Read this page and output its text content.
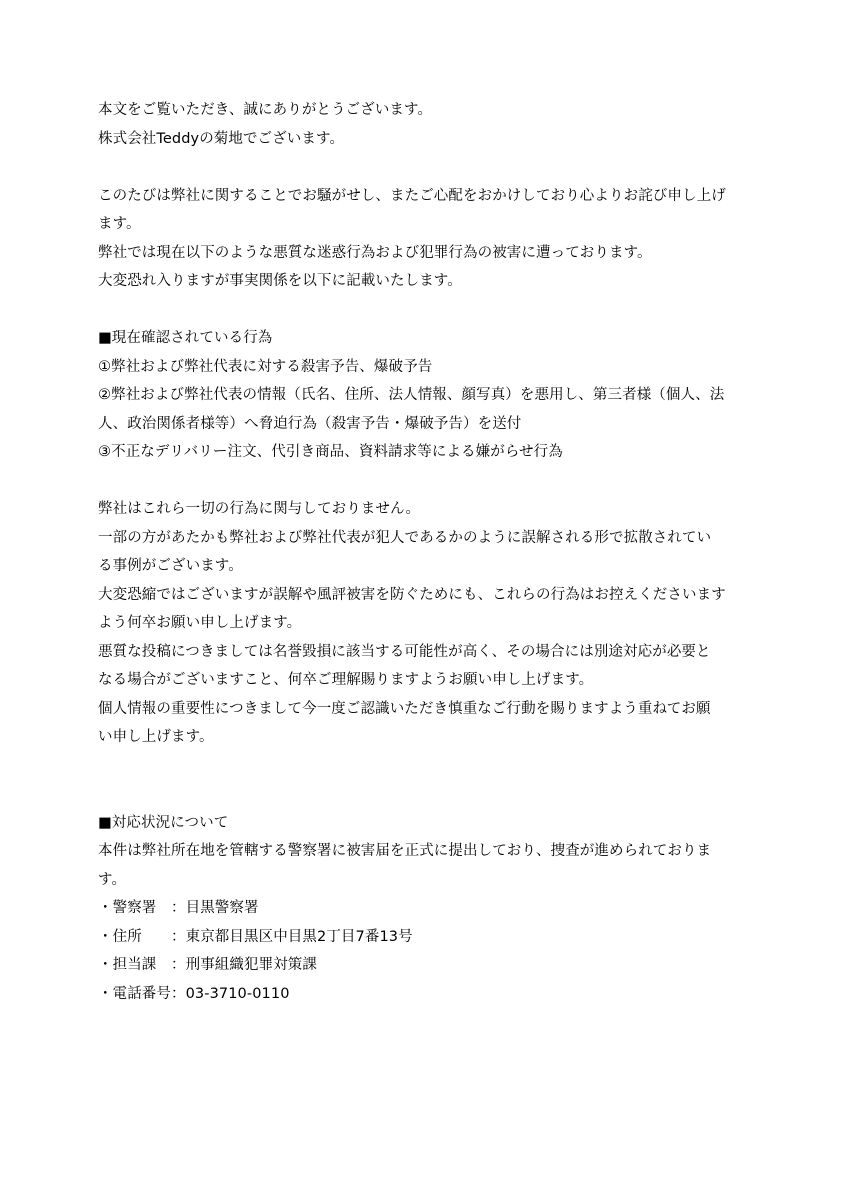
本文をご覧いただき、誠にありがとうございます。
株式会社Teddyの菊地でございます。
このたびは弊社に関することでお騒がせし、またご心配をおかけしており心よりお詫び申し上げ
ます。
弊社では現在以下のような悪質な迷惑行為および犯罪行為の被害に遭っております。
大変恐れ入りますが事実関係を以下に記載いたします。
■現在確認されている行為
①弊社および弊社代表に対する殺害予告、爆破予告
②弊社および弊社代表の情報（氏名、住所、法人情報、顔写真）を悪用し、第三者様（個人、法
人、政治関係者様等）へ脅迫行為（殺害予告・爆破予告）を送付
③不正なデリバリー注文、代引き商品、資料請求等による嫌がらせ行為
弊社はこれら一切の行為に関与しておりません。
一部の方があたかも弊社および弊社代表が犯人であるかのように誤解される形で拡散されてい
る事例がございます。
大変恐縮ではございますが誤解や風評被害を防ぐためにも、これらの行為はお控えくださいます
よう何卒お願い申し上げます。
悪質な投稿につきましては名誉毀損に該当する可能性が高く、その場合には別途対応が必要と
なる場合がございますこと、何卒ご理解賜りますようお願い申し上げます。
個人情報の重要性につきまして今一度ご認識いただき慎重なご行動を賜りますよう重ねてお願
い申し上げます。
■対応状況について
本件は弊社所在地を管轄する警察署に被害届を正式に提出しており、捜査が進められておりま
す。
・警察署　：目黒警察署
・住所　　：東京都目黒区中目黒2丁目7番13号
・担当課　：刑事組織犯罪対策課
・電話番号：03-3710-0110
